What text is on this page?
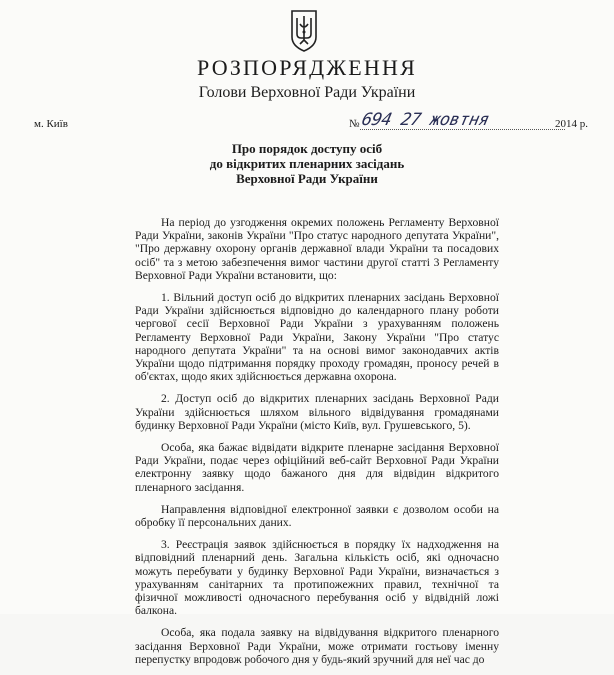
РОЗПОРЯДЖЕННЯ
Голови Верховної Ради України
м. Київ	№ 694 27 жовтня	2014 р.
Про порядок доступу осіб
до відкритих пленарних засідань
Верховної Ради України

На період до узгодження окремих положень Регламенту Верховної Ради України, законів України "Про статус народного депутата України", "Про державну охорону органів державної влади України та посадових осіб" та з метою забезпечення вимог частини другої статті 3 Регламенту Верховної Ради України встановити, що:

1. Вільний доступ осіб до відкритих пленарних засідань Верховної Ради України здійснюється відповідно до календарного плану роботи чергової сесії Верховної Ради України з урахуванням положень Регламенту Верховної Ради України, Закону України "Про статус народного депутата України" та на основі вимог законодавчих актів України щодо підтримання порядку проходу громадян, проносу речей в об'єктах, щодо яких здійснюється державна охорона.

2. Доступ осіб до відкритих пленарних засідань Верховної Ради України здійснюється шляхом вільного відвідування громадянами будинку Верховної Ради України (місто Київ, вул. Грушевського, 5).

Особа, яка бажає відвідати відкрите пленарне засідання Верховної Ради України, подає через офіційний веб-сайт Верховної Ради України електронну заявку щодо бажаного дня для відвідин відкритого пленарного засідання.

Направлення відповідної електронної заявки є дозволом особи на обробку її персональних даних.

3. Реєстрація заявок здійснюється в порядку їх надходження на відповідний пленарний день. Загальна кількість осіб, які одночасно можуть перебувати у будинку Верховної Ради України, визначається з урахуванням санітарних та протипожежних правил, технічної та фізичної можливості одночасного перебування осіб у відвідній ложі балкона.

Особа, яка подала заявку на відвідування відкритого пленарного засідання Верховної Ради України, може отримати гостьову іменну перепустку впродовж робочого дня у будь-який зручний для неї час до
